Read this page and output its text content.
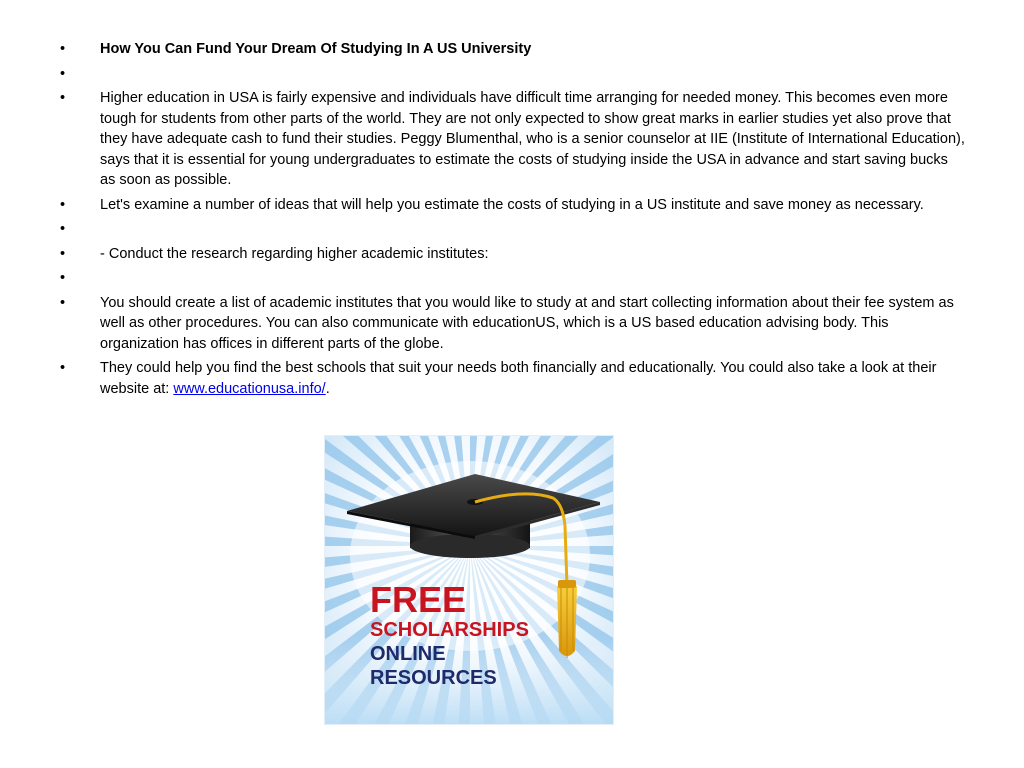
•	How You Can Fund Your Dream Of Studying In A US University
•
•	Higher education in USA is fairly expensive and individuals have difficult time arranging for needed money. This becomes even more tough for students from other parts of the world. They are not only expected to show great marks in earlier studies yet also prove that they have adequate cash to fund their studies. Peggy Blumenthal, who is a senior counselor at IIE (Institute of International Education), says that it is essential for young undergraduates to estimate the costs of studying inside the USA in advance and start saving bucks as soon as possible.
•	Let's examine a number of ideas that will help you estimate the costs of studying in a US institute and save money as necessary.
•
•	- Conduct the research regarding higher academic institutes:
•
•	You should create a list of academic institutes that you would like to study at and start collecting information about their fee system as well as other procedures. You can also communicate with educationUS, which is a US based education advising body. This organization has offices in different parts of the globe.
•	They could help you find the best schools that suit your needs both financially and educationally. You could also take a look at their website at: www.educationusa.info/.
FREE
SCHOLARSHIPS
ONLINE
RESOURCES
